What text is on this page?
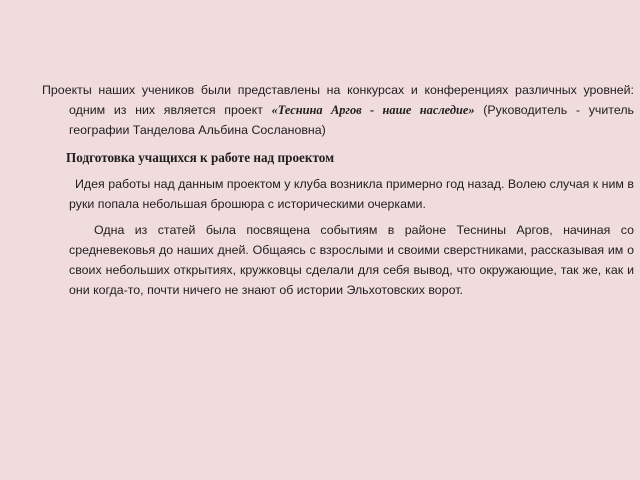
Проекты наших учеников были представлены на конкурсах и конференциях различных уровней: одним из них является проект «Теснина Аргов - наше наследие» (Руководитель - учитель географии Танделова Альбина Сослановна)

Подготовка учащихся к работе над проектом

Идея работы над данным проектом у клуба возникла примерно год назад. Волею случая к ним в руки попала небольшая брошюра с историческими очерками.

Одна из статей была посвящена событиям в районе Теснины Аргов, начиная со средневековья до наших дней. Общаясь с взрослыми и своими сверстниками, рассказывая им о своих небольших открытиях, кружковцы сделали для себя вывод, что окружающие, так же, как и они когда-то, почти ничего не знают об истории Эльхотовских ворот.
